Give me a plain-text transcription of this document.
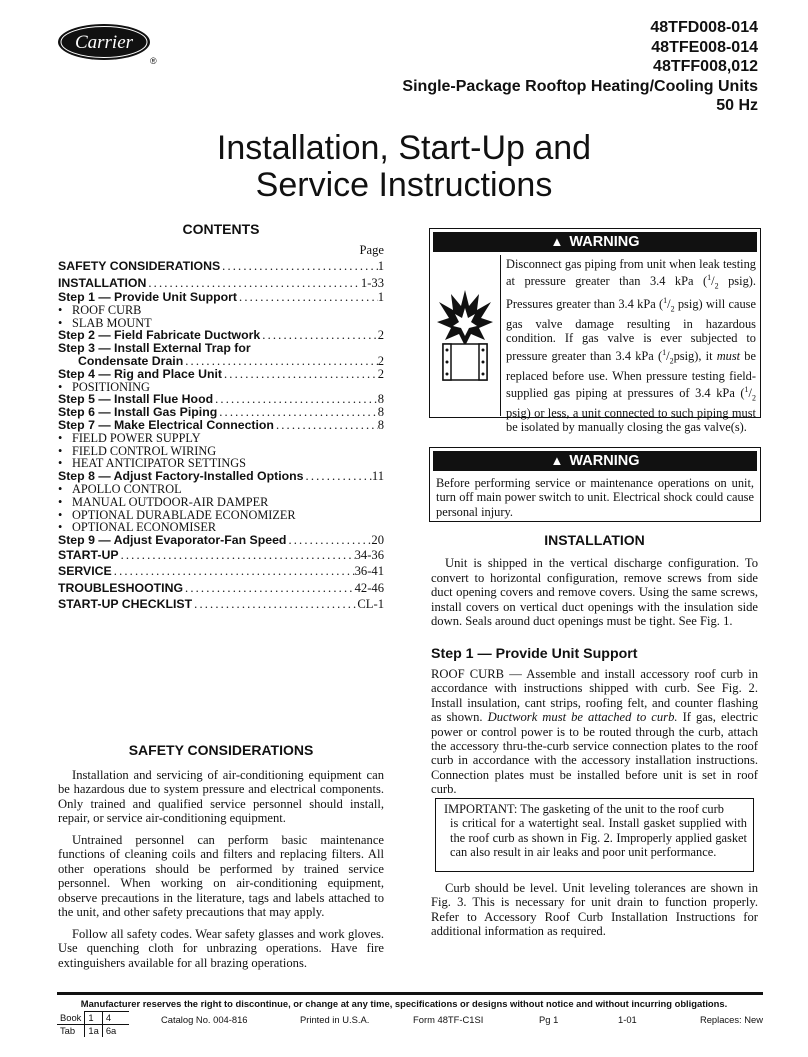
Carrier
®
48TFD008-014
48TFE008-014
48TFF008,012
Single-Package Rooftop Heating/Cooling Units
50 Hz
Installation, Start-Up and
Service Instructions
CONTENTS
Page
SAFETY CONSIDERATIONS . . .	1
INSTALLATION . . .	1-33
Step 1 — Provide Unit Support . . .	1
• ROOF CURB
• SLAB MOUNT
Step 2 — Field Fabricate Ductwork . . .	2
Step 3 — Install External Trap for
Condensate Drain . . .	2
Step 4 — Rig and Place Unit . . .	2
• POSITIONING
Step 5 — Install Flue Hood . . .	8
Step 6 — Install Gas Piping . . .	8
Step 7 — Make Electrical Connection . . .	8
• FIELD POWER SUPPLY
• FIELD CONTROL WIRING
• HEAT ANTICIPATOR SETTINGS
Step 8 — Adjust Factory-Installed Options . . .	11
• APOLLO CONTROL
• MANUAL OUTDOOR-AIR DAMPER
• OPTIONAL DURABLADE ECONOMIZER
• OPTIONAL ECONOMISER
Step 9 — Adjust Evaporator-Fan Speed . . .	20
START-UP . . .	34-36
SERVICE . . .	36-41
TROUBLESHOOTING . . .	42-46
START-UP CHECKLIST . . .	CL-1
SAFETY CONSIDERATIONS

Installation and servicing of air-conditioning equipment can be hazardous due to system pressure and electrical components. Only trained and qualified service personnel should install, repair, or service air-conditioning equipment.

Untrained personnel can perform basic maintenance functions of cleaning coils and filters and replacing filters. All other operations should be performed by trained service personnel. When working on air-conditioning equipment, observe precautions in the literature, tags and labels attached to the unit, and other safety precautions that may apply.

Follow all safety codes. Wear safety glasses and work gloves. Use quenching cloth for unbrazing operations. Have fire extinguishers available for all brazing operations.

▲ WARNING
Disconnect gas piping from unit when leak testing at pressure greater than 3.4 kPa ($^1/_2$ psig). Pressures greater than 3.4 kPa ($^1/_2$ psig) will cause gas valve damage resulting in hazardous condition. If gas valve is ever subjected to pressure greater than 3.4 kPa $(^1/_2psig)$, it must be replaced before use. When pressure testing field-supplied gas piping at pressures of 3.4 kPa ($^1/_2$ psig) or less, a unit connected to such piping must be isolated by manually closing the gas valve(s).
▲ WARNING
Before performing service or maintenance operations on unit, turn off main power switch to unit. Electrical shock could cause personal injury.
INSTALLATION

Unit is shipped in the vertical discharge configuration. To convert to horizontal configuration, remove screws from side duct opening covers and remove covers. Using the same screws, install covers on vertical duct openings with the insulation side down. Seals around duct openings must be tight. See Fig. 1.

Step 1 — Provide Unit Support
ROOF CURB — Assemble and install accessory roof curb in accordance with instructions shipped with curb. See Fig. 2. Install insulation, cant strips, roofing felt, and counter flashing as shown. Ductwork must be attached to curb. If gas, electric power or control power is to be routed through the curb, attach the accessory thru-the-curb service connection plates to the roof curb in accordance with the accessory installation instructions. Connection plates must be installed before unit is set in roof curb.
IMPORTANT: The gasketing of the unit to the roof curb
is critical for a watertight seal. Install gasket supplied with the roof curb as shown in Fig. 2. Improperly applied gasket can also result in air leaks and poor unit performance.
Curb should be level. Unit leveling tolerances are shown in Fig. 3. This is necessary for unit drain to function properly. Refer to Accessory Roof Curb Installation Instructions for additional information as required.
Manufacturer reserves the right to discontinue, or change at any time, specifications or designs without notice and without incurring obligations.
Book	1	4
Tab	1a	6a
Catalog No. 004-816	Printed in U.S.A.	Form 48TF-C1SI	Pg 1	1-01	Replaces: New
